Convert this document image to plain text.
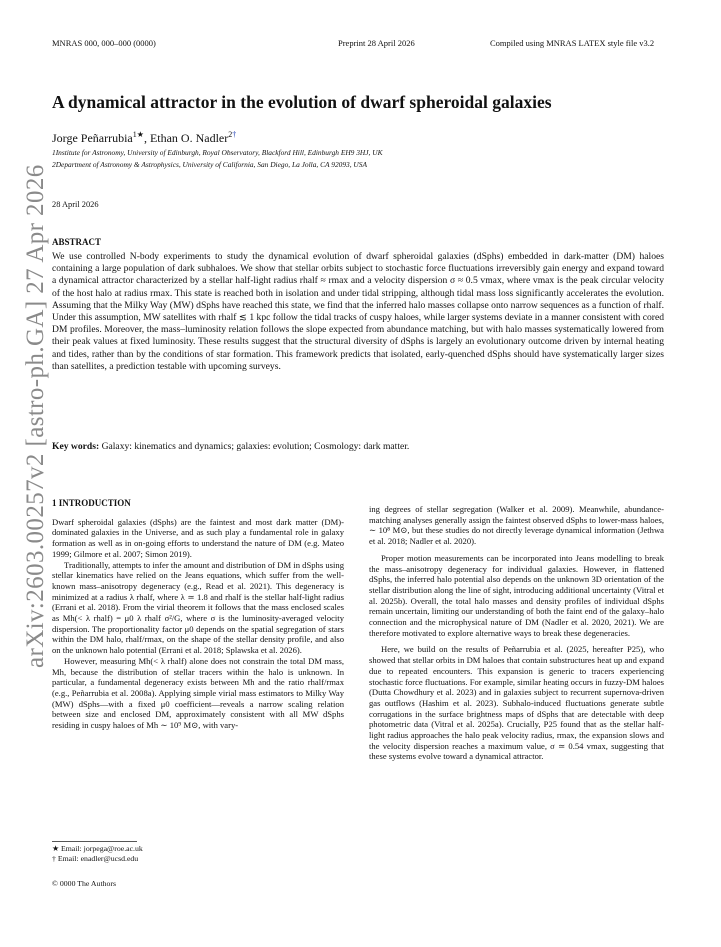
MNRAS 000, 000–000 (0000)	Preprint 28 April 2026	Compiled using MNRAS LATEX style file v3.2
arXiv:2603.00257v2 [astro-ph.GA] 27 Apr 2026
A dynamical attractor in the evolution of dwarf spheroidal galaxies
Jorge Peñarrubia$^{1★}$, Ethan O. Nadler$^{2\dagger}$
1Institute for Astronomy, University of Edinburgh, Royal Observatory, Blackford Hill, Edinburgh EH9 3HJ, UK
2Department of Astronomy & Astrophysics, University of California, San Diego, La Jolla, CA 92093, USA
28 April 2026
ABSTRACT

We use controlled N-body experiments to study the dynamical evolution of dwarf spheroidal galaxies (dSphs) embedded in dark-matter (DM) haloes containing a large population of dark subhaloes. We show that stellar orbits subject to stochastic force fluctuations irreversibly gain energy and expand toward a dynamical attractor characterized by a stellar half-light radius rhalf ≈ rmax and a velocity dispersion σ ≈ 0.5 vmax, where vmax is the peak circular velocity of the host halo at radius rmax. This state is reached both in isolation and under tidal stripping, although tidal mass loss significantly accelerates the evolution. Assuming that the Milky Way (MW) dSphs have reached this state, we find that the inferred halo masses collapse onto narrow sequences as a function of rhalf. Under this assumption, MW satellites with rhalf ≲ 1 kpc follow the tidal tracks of cuspy haloes, while larger systems deviate in a manner consistent with cored DM profiles. Moreover, the mass–luminosity relation follows the slope expected from abundance matching, but with halo masses systematically lowered from their peak values at fixed luminosity. These results suggest that the structural diversity of dSphs is largely an evolutionary outcome driven by internal heating and tides, rather than by the conditions of star formation. This framework predicts that isolated, early-quenched dSphs should have systematically larger sizes than satellites, a prediction testable with upcoming surveys.

Key words: Galaxy: kinematics and dynamics; galaxies: evolution; Cosmology: dark matter.

1 INTRODUCTION

Dwarf spheroidal galaxies (dSphs) are the faintest and most dark matter (DM)-dominated galaxies in the Universe, and as such play a fundamental role in galaxy formation as well as in on-going efforts to understand the nature of DM (e.g. Mateo 1999; Gilmore et al. 2007; Simon 2019).

Traditionally, attempts to infer the amount and distribution of DM in dSphs using stellar kinematics have relied on the Jeans equations, which suffer from the well-known mass–anisotropy degeneracy (e.g., Read et al. 2021). This degeneracy is minimized at a radius λ rhalf, where λ ≃ 1.8 and rhalf is the stellar half-light radius (Errani et al. 2018). From the virial theorem it follows that the mass enclosed scales as Mh(< λ rhalf) = μ0 λ rhalf σ²/G, where σ is the luminosity-averaged velocity dispersion. The proportionality factor μ0 depends on the spatial segregation of stars within the DM halo, rhalf/rmax, on the shape of the stellar density profile, and also on the unknown halo potential (Errani et al. 2018; Splawska et al. 2026).

However, measuring Mh(< λ rhalf) alone does not constrain the total DM mass, Mh, because the distribution of stellar tracers within the halo is unknown. In particular, a fundamental degeneracy exists between Mh and the ratio rhalf/rmax (e.g., Peñarrubia et al. 2008a). Applying simple virial mass estimators to Milky Way (MW) dSphs—with a fixed μ0 coefficient—reveals a narrow scaling relation between size and enclosed DM, approximately consistent with all MW dSphs residing in cuspy haloes of Mh ∼ 10⁹ M⊙, with vary-

ing degrees of stellar segregation (Walker et al. 2009). Meanwhile, abundance-matching analyses generally assign the faintest observed dSphs to lower-mass haloes, ∼ 10⁸ M⊙, but these studies do not directly leverage dynamical information (Jethwa et al. 2018; Nadler et al. 2020).

Proper motion measurements can be incorporated into Jeans modelling to break the mass–anisotropy degeneracy for individual galaxies. However, in flattened dSphs, the inferred halo potential also depends on the unknown 3D orientation of the stellar distribution along the line of sight, introducing additional uncertainty (Vitral et al. 2025b). Overall, the total halo masses and density profiles of individual dSphs remain uncertain, limiting our understanding of both the faint end of the galaxy–halo connection and the microphysical nature of DM (Nadler et al. 2020, 2021). We are therefore motivated to explore alternative ways to break these degeneracies.

Here, we build on the results of Peñarrubia et al. (2025, hereafter P25), who showed that stellar orbits in DM haloes that contain substructures heat up and expand due to repeated encounters. This expansion is generic to tracers experiencing stochastic force fluctuations. For example, similar heating occurs in fuzzy-DM haloes (Dutta Chowdhury et al. 2023) and in galaxies subject to recurrent supernova-driven gas outflows (Hashim et al. 2023). Subhalo-induced fluctuations generate subtle corrugations in the surface brightness maps of dSphs that are detectable with deep photometric data (Vitral et al. 2025a). Crucially, P25 found that as the stellar half-light radius approaches the halo peak velocity radius, rmax, the expansion slows and the velocity dispersion reaches a maximum value, σ ≃ 0.54 vmax, suggesting that these systems evolve toward a dynamical attractor.

★ Email: jorpega@roe.ac.uk
† Email: enadler@ucsd.edu
© 0000 The Authors
